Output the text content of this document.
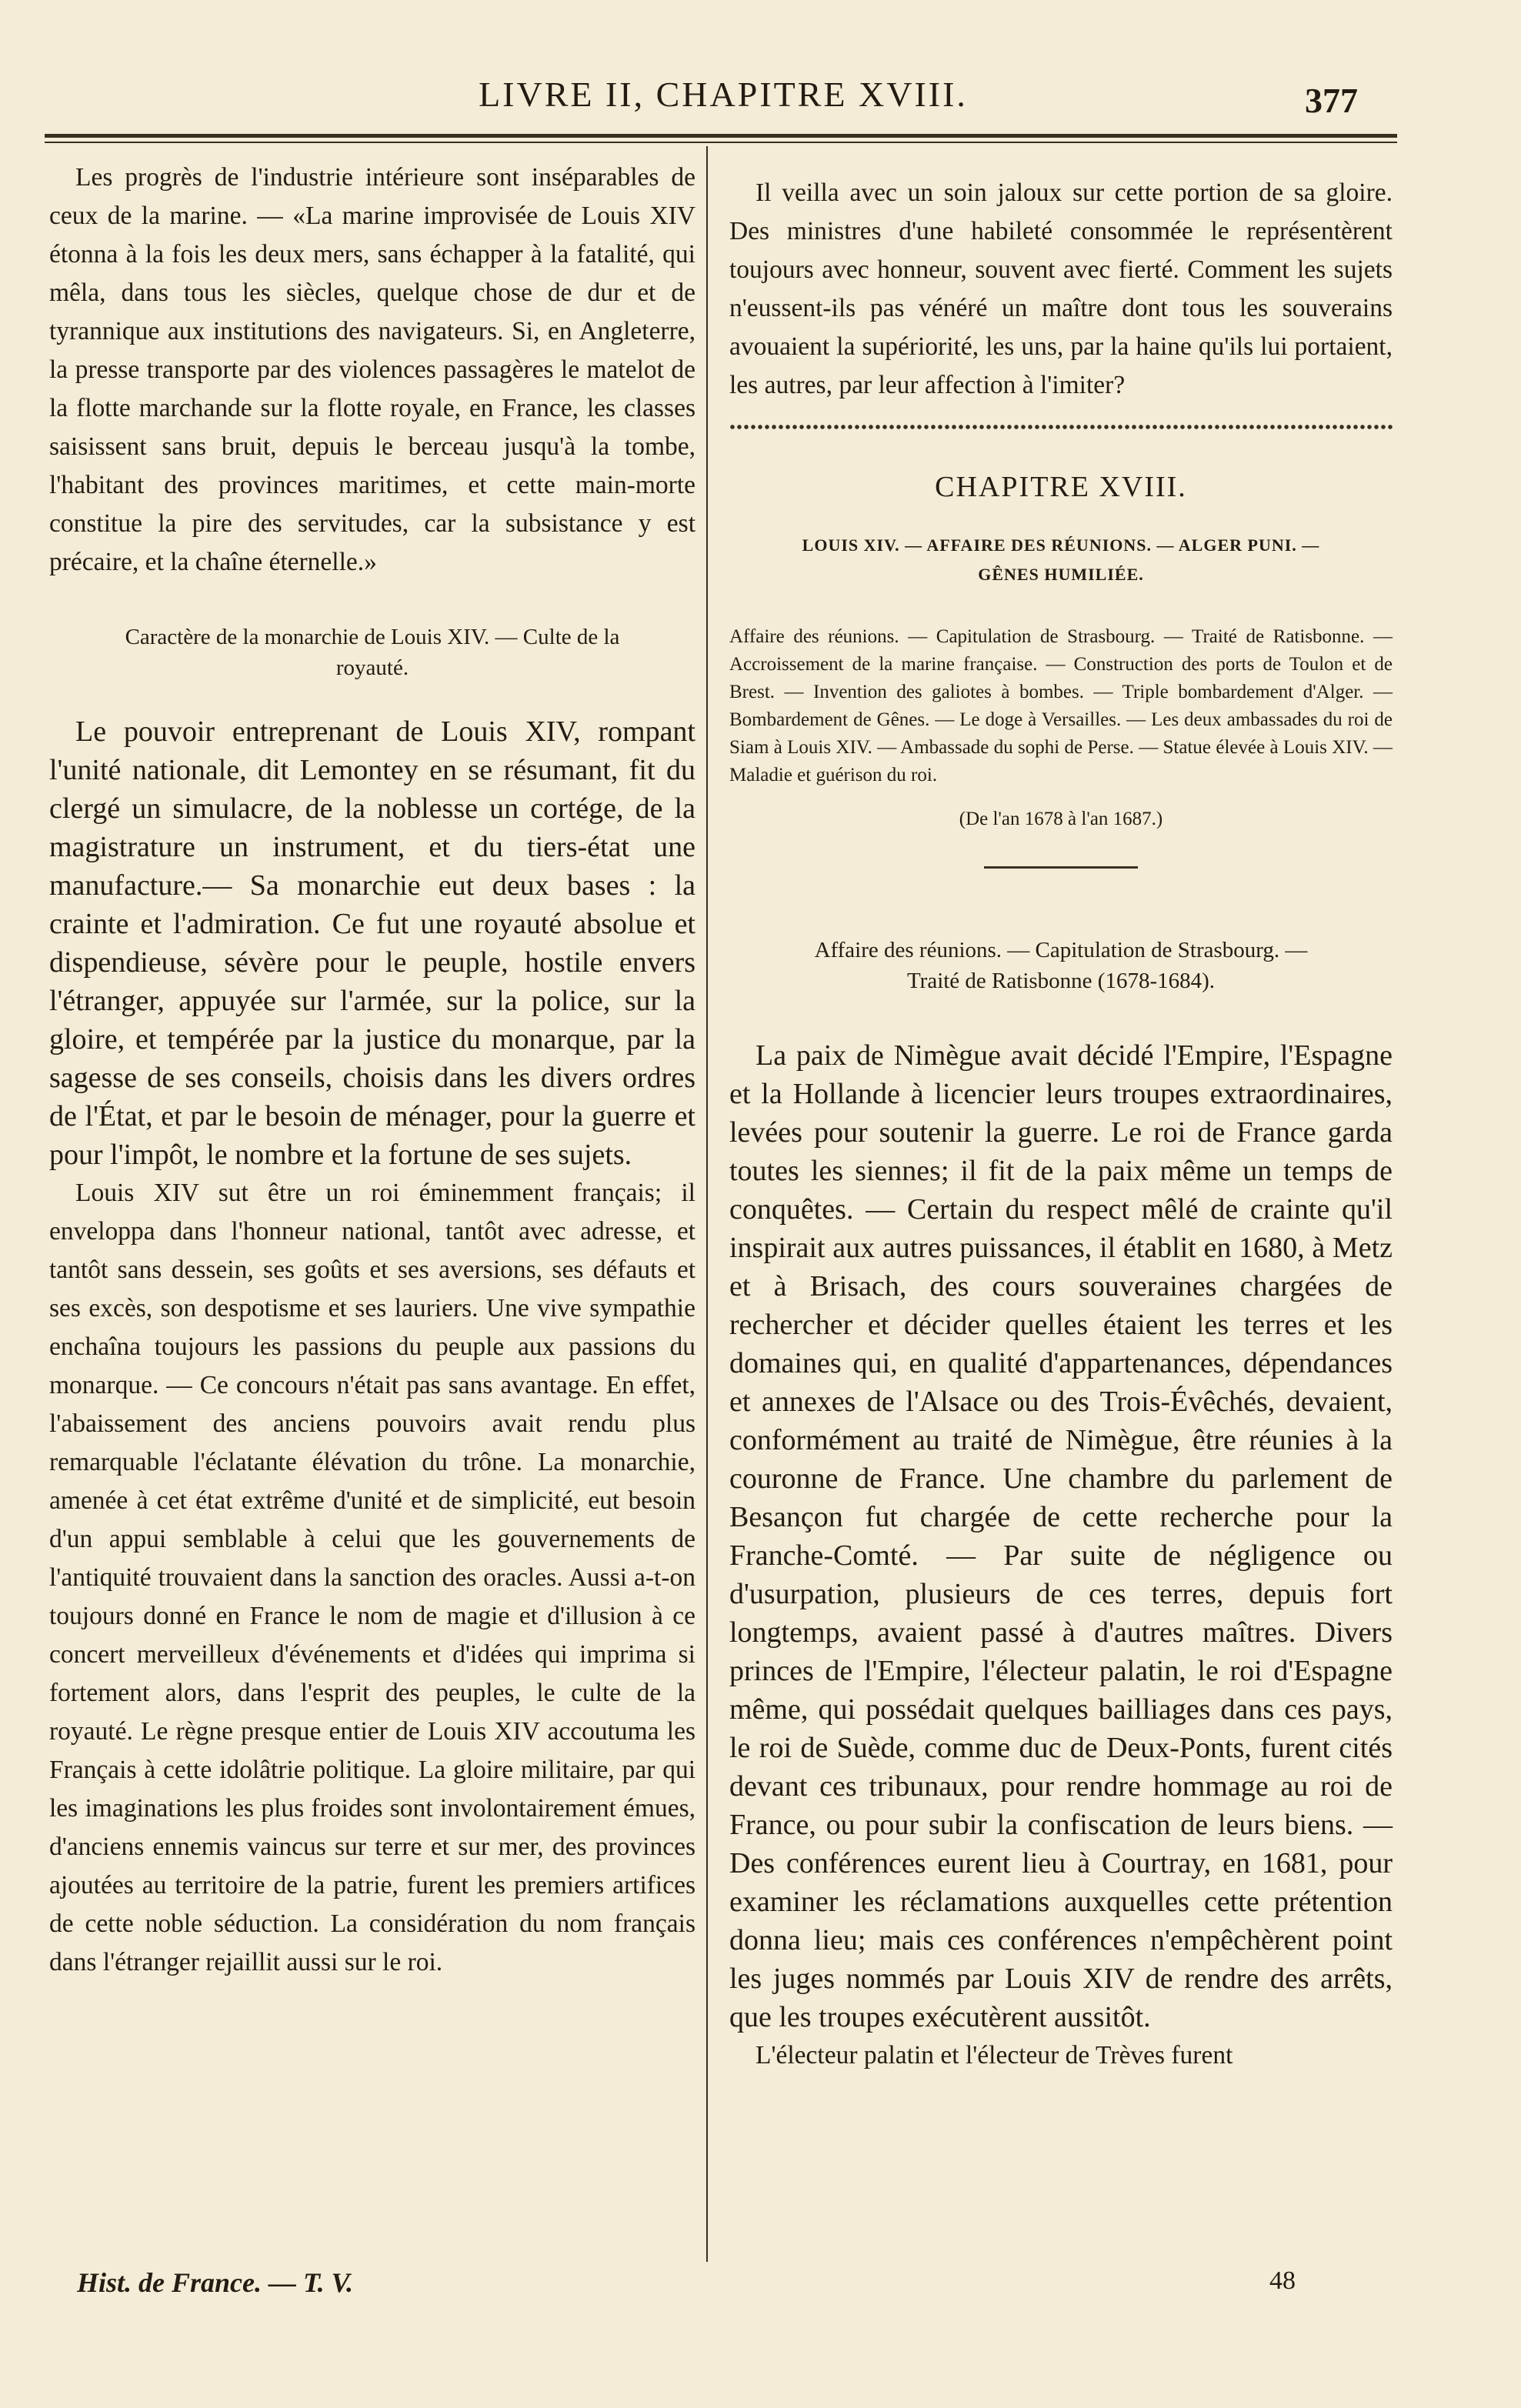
LIVRE II, CHAPITRE XVIII.	377

Les progrès de l'industrie intérieure sont inséparables de ceux de la marine. — «La marine improvisée de Louis XIV étonna à la fois les deux mers, sans échapper à la fatalité, qui mêla, dans tous les siècles, quelque chose de dur et de tyrannique aux institutions des navigateurs. Si, en Angleterre, la presse transporte par des violences passagères le matelot de la flotte marchande sur la flotte royale, en France, les classes saisissent sans bruit, depuis le berceau jusqu'à la tombe, l'habitant des provinces maritimes, et cette main-morte constitue la pire des servitudes, car la subsistance y est précaire, et la chaîne éternelle.»

Caractère de la monarchie de Louis XIV. — Culte de la royauté.

Le pouvoir entreprenant de Louis XIV, rompant l'unité nationale, dit Lemontey en se résumant, fit du clergé un simulacre, de la noblesse un cortége, de la magistrature un instrument, et du tiers-état une manufacture.— Sa monarchie eut deux bases : la crainte et l'admiration. Ce fut une royauté absolue et dispendieuse, sévère pour le peuple, hostile envers l'étranger, appuyée sur l'armée, sur la police, sur la gloire, et tempérée par la justice du monarque, par la sagesse de ses conseils, choisis dans les divers ordres de l'État, et par le besoin de ménager, pour la guerre et pour l'impôt, le nombre et la fortune de ses sujets.

Louis XIV sut être un roi éminemment français; il enveloppa dans l'honneur national, tantôt avec adresse, et tantôt sans dessein, ses goûts et ses aversions, ses défauts et ses excès, son despotisme et ses lauriers. Une vive sympathie enchaîna toujours les passions du peuple aux passions du monarque. — Ce concours n'était pas sans avantage. En effet, l'abaissement des anciens pouvoirs avait rendu plus remarquable l'éclatante élévation du trône. La monarchie, amenée à cet état extrême d'unité et de simplicité, eut besoin d'un appui semblable à celui que les gouvernements de l'antiquité trouvaient dans la sanction des oracles. Aussi a-t-on toujours donné en France le nom de magie et d'illusion à ce concert merveilleux d'événements et d'idées qui imprima si fortement alors, dans l'esprit des peuples, le culte de la royauté. Le règne presque entier de Louis XIV accoutuma les Français à cette idolâtrie politique. La gloire militaire, par qui les imaginations les plus froides sont involontairement émues, d'anciens ennemis vaincus sur terre et sur mer, des provinces ajoutées au territoire de la patrie, furent les premiers artifices de cette noble séduction. La considération du nom français dans l'étranger rejaillit aussi sur le roi.

Il veilla avec un soin jaloux sur cette portion de sa gloire. Des ministres d'une habileté consommée le représentèrent toujours avec honneur, souvent avec fierté. Comment les sujets n'eussent-ils pas vénéré un maître dont tous les souverains avouaient la supériorité, les uns, par la haine qu'ils lui portaient, les autres, par leur affection à l'imiter?

CHAPITRE XVIII.
LOUIS XIV. — AFFAIRE DES RÉUNIONS. — ALGER PUNI. —
GÊNES HUMILIÉE.

Affaire des réunions. — Capitulation de Strasbourg. — Traité de Ratisbonne. — Accroissement de la marine française. — Construction des ports de Toulon et de Brest. — Invention des galiotes à bombes. — Triple bombardement d'Alger. — Bombardement de Gênes. — Le doge à Versailles. — Les deux ambassades du roi de Siam à Louis XIV. — Ambassade du sophi de Perse. — Statue élevée à Louis XIV. — Maladie et guérison du roi.

(De l'an 1678 à l'an 1687.)
Affaire des réunions. — Capitulation de Strasbourg. —
Traité de Ratisbonne (1678-1684).

La paix de Nimègue avait décidé l'Empire, l'Espagne et la Hollande à licencier leurs troupes extraordinaires, levées pour soutenir la guerre. Le roi de France garda toutes les siennes; il fit de la paix même un temps de conquêtes. — Certain du respect mêlé de crainte qu'il inspirait aux autres puissances, il établit en 1680, à Metz et à Brisach, des cours souveraines chargées de rechercher et décider quelles étaient les terres et les domaines qui, en qualité d'appartenances, dépendances et annexes de l'Alsace ou des Trois-Évêchés, devaient, conformément au traité de Nimègue, être réunies à la couronne de France. Une chambre du parlement de Besançon fut chargée de cette recherche pour la Franche-Comté. — Par suite de négligence ou d'usurpation, plusieurs de ces terres, depuis fort longtemps, avaient passé à d'autres maîtres. Divers princes de l'Empire, l'électeur palatin, le roi d'Espagne même, qui possédait quelques bailliages dans ces pays, le roi de Suède, comme duc de Deux-Ponts, furent cités devant ces tribunaux, pour rendre hommage au roi de France, ou pour subir la confiscation de leurs biens. — Des conférences eurent lieu à Courtray, en 1681, pour examiner les réclamations auxquelles cette prétention donna lieu; mais ces conférences n'empêchèrent point les juges nommés par Louis XIV de rendre des arrêts, que les troupes exécutèrent aussitôt.

L'électeur palatin et l'électeur de Trèves furent

Hist. de France. — T. V.	48
